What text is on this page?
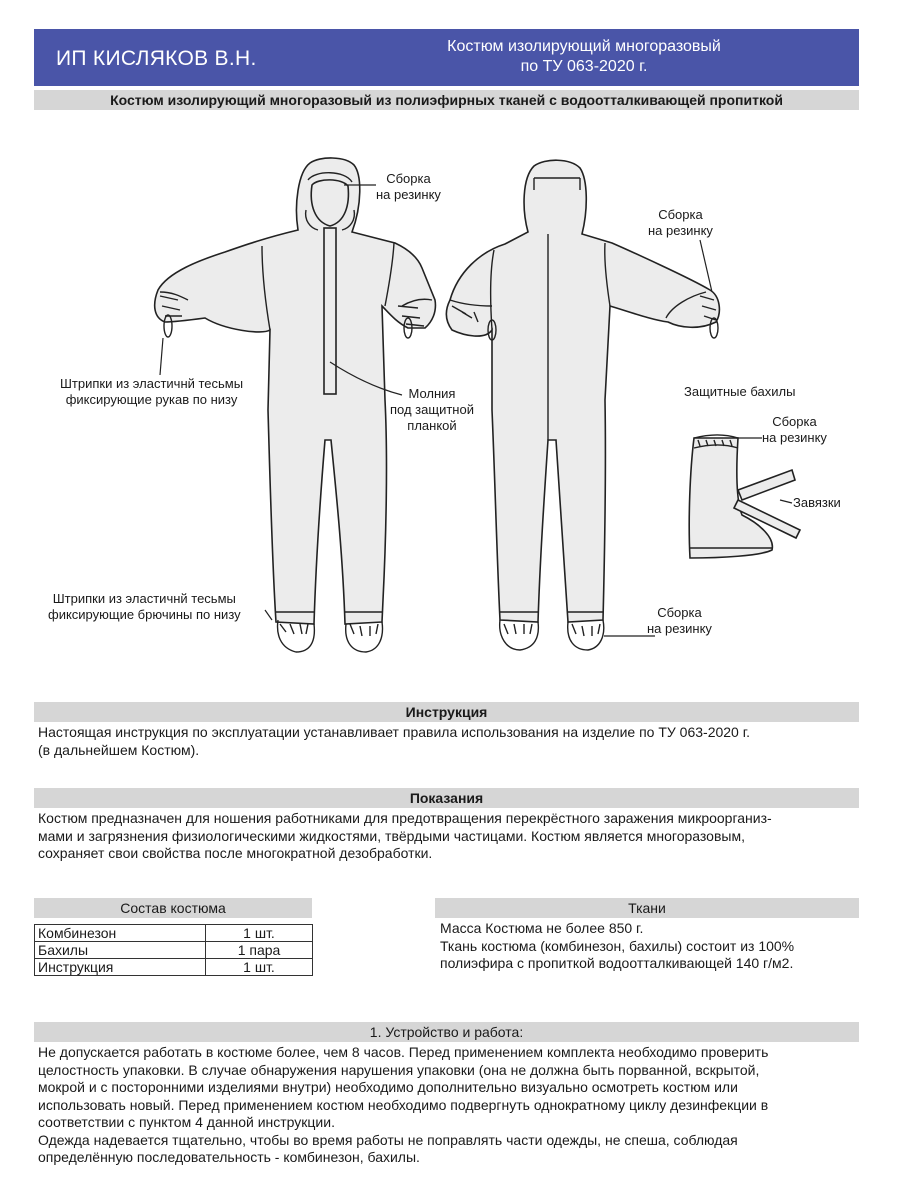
ИП КИСЛЯКОВ В.Н.
Костюм изолирующий многоразовый
по ТУ 063-2020 г.
Костюм изолирующий многоразовый из полиэфирных тканей с водоотталкивающей пропиткой
Сборка
на резинку
Штрипки из эластичнй тесьмы
фиксирующие рукав по низу	Молния
под защитной
планкой
Штрипки из эластичнй тесьмы
фиксирующие брючины по низу
Сборка
на резинку
Защитные бахилы
Сборка
на резинку
Завязки
Сборка
на резинку
Инструкция
Настоящая инструкция по эксплуатации устанавливает правила использования на изделие по ТУ 063-2020 г.
(в дальнейшем Костюм).
Показания
Костюм предназначен для ношения работниками для предотвращения перекрёстного заражения микроорганиз-
мами и загрязнения физиологическими жидкостями, твёрдыми частицами. Костюм является многоразовым,
сохраняет свои свойства после многократной дезобработки.
Состав костюма
Комбинезон	1 шт.
Бахилы	1 пара
Инструкция	1 шт.
Ткани
Масса Костюма не более 850 г.
Ткань костюма (комбинезон, бахилы) состоит из 100%
полиэфира с пропиткой водоотталкивающей 140 г/м2.
1. Устройство и работа:
Не допускается работать в костюме более, чем 8 часов. Перед применением комплекта необходимо проверить
целостность упаковки. В случае обнаружения нарушения упаковки (она не должна быть порванной, вскрытой,
мокрой и с посторонними изделиями внутри) необходимо дополнительно визуально осмотреть костюм или
использовать новый. Перед применением костюм необходимо подвергнуть однократному циклу дезинфекции в
соответствии с пунктом 4 данной инструкции.
Одежда надевается тщательно, чтобы во время работы не поправлять части одежды, не спеша, соблюдая
определённую последовательность - комбинезон, бахилы.
